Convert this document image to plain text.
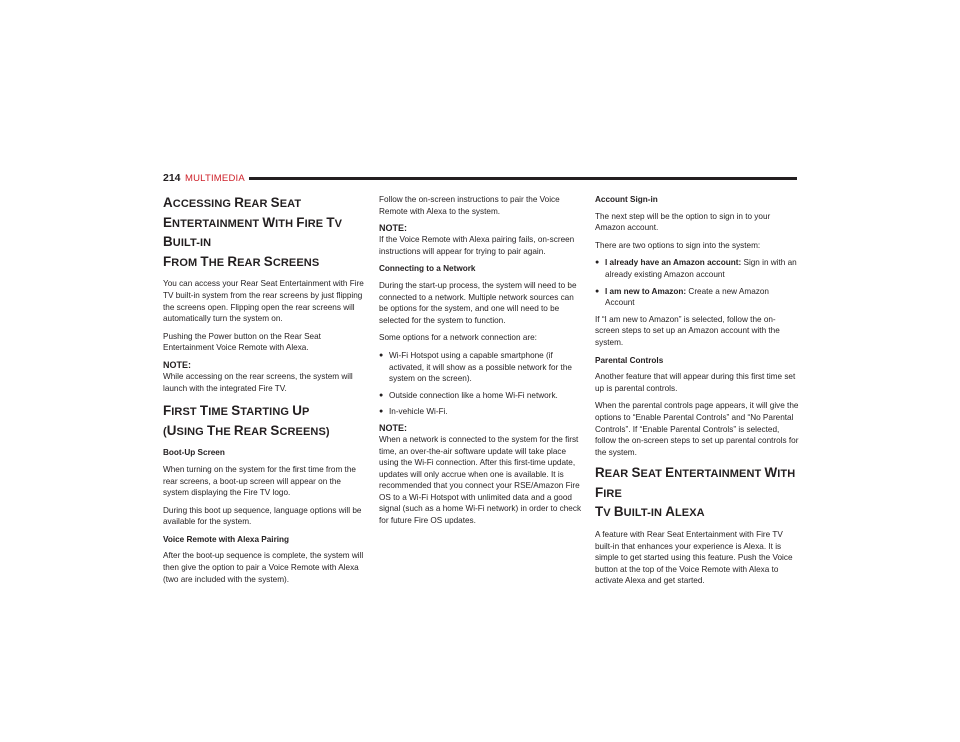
214 MULTIMEDIA
ACCESSING REAR SEAT
ENTERTAINMENT WITH FIRE TV BUILT-IN
FROM THE REAR SCREENS

You can access your Rear Seat Entertainment with Fire TV built-in system from the rear screens by just flipping the screens open. Flipping open the rear screens will automatically turn the system on.

Pushing the Power button on the Rear Seat Entertainment Voice Remote with Alexa.

NOTE:

While accessing on the rear screens, the system will launch with the integrated Fire TV.

FIRST TIME STARTING UP
(USING THE REAR SCREENS)

Boot-Up Screen

When turning on the system for the first time from the rear screens, a boot-up screen will appear on the system displaying the Fire TV logo.

During this boot up sequence, language options will be available for the system.

Voice Remote with Alexa Pairing

After the boot-up sequence is complete, the system will then give the option to pair a Voice Remote with Alexa (two are included with the system).

Follow the on-screen instructions to pair the Voice Remote with Alexa to the system.

NOTE:

If the Voice Remote with Alexa pairing fails, on-screen instructions will appear for trying to pair again.

Connecting to a Network

During the start-up process, the system will need to be connected to a network. Multiple network sources can be options for the system, and one will need to be selected for the system to function.

Some options for a network connection are:

● Wi-Fi Hotspot using a capable smartphone (if activated, it will show as a possible network for the system on the screen).
● Outside connection like a home Wi-Fi network.
● In-vehicle Wi-Fi.

NOTE:

When a network is connected to the system for the first time, an over-the-air software update will take place using the Wi-Fi connection. After this first-time update, updates will only accrue when one is available. It is recommended that you connect your RSE/Amazon Fire OS to a Wi-Fi Hotspot with unlimited data and a good signal (such as a home Wi-Fi network) in order to check for future Fire OS updates.

Account Sign-in

The next step will be the option to sign in to your Amazon account.

There are two options to sign into the system:

● I already have an Amazon account: Sign in with an already existing Amazon account
● I am new to Amazon: Create a new Amazon Account

If “I am new to Amazon” is selected, follow the on-screen steps to set up an Amazon account with the system.

Parental Controls

Another feature that will appear during this first time set up is parental controls.

When the parental controls page appears, it will give the options to “Enable Parental Controls” and “No Parental Controls”. If “Enable Parental Controls” is selected, follow the on-screen steps to set up parental controls for the system.

REAR SEAT ENTERTAINMENT WITH FIRE
TV BUILT-IN ALEXA

A feature with Rear Seat Entertainment with Fire TV built-in that enhances your experience is Alexa. It is simple to get started using this feature. Push the Voice button at the top of the Voice Remote with Alexa to activate Alexa and get started.
